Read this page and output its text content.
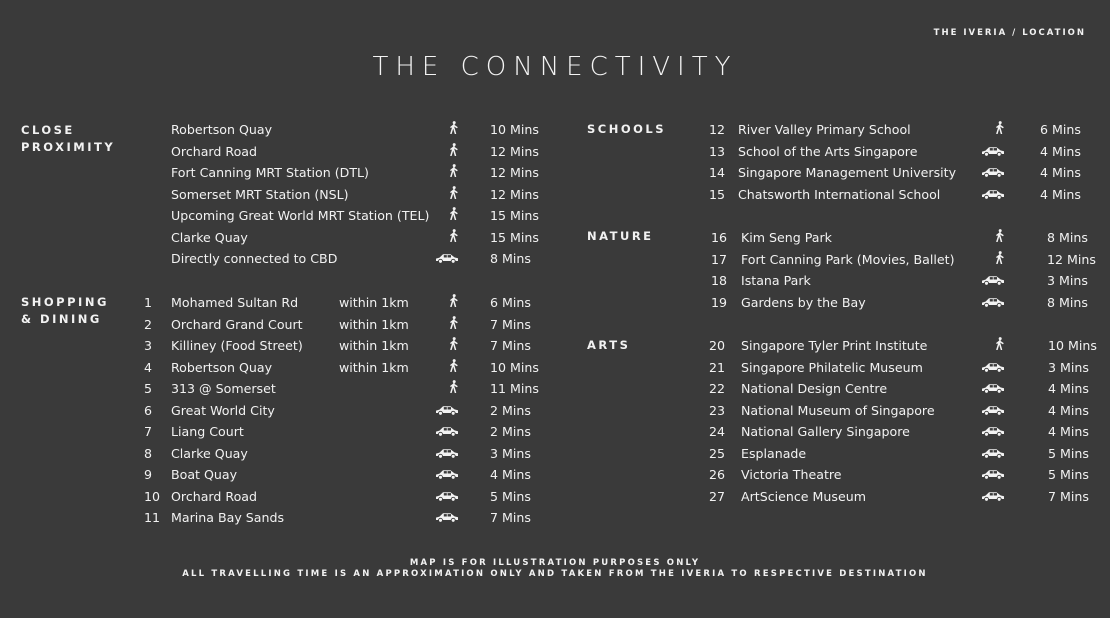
THE IVERIA / LOCATION
THE CONNECTIVITY
CLOSE
PROXIMITY
SHOPPING
& DINING
SCHOOLS
NATURE
ARTS
Robertson Quay	10 Mins
Orchard Road	12 Mins
Fort Canning MRT Station (DTL)	12 Mins
Somerset MRT Station (NSL)	12 Mins
Upcoming Great World MRT Station (TEL)	15 Mins
Clarke Quay	15 Mins
Directly connected to CBD	8 Mins
1 Mohamed Sultan Rd	within 1km	6 Mins
2 Orchard Grand Court	within 1km	7 Mins
3 Killiney (Food Street)	within 1km	7 Mins
4 Robertson Quay	within 1km	10 Mins
5 313 @ Somerset	11 Mins
6 Great World City	2 Mins
7 Liang Court	2 Mins
8 Clarke Quay	3 Mins
9 Boat Quay	4 Mins
10 Orchard Road	5 Mins
11 Marina Bay Sands	7 Mins
12 River Valley Primary School	6 Mins
13 School of the Arts Singapore	4 Mins
14 Singapore Management University	4 Mins
15 Chatsworth International School	4 Mins
16 Kim Seng Park	8 Mins
17 Fort Canning Park (Movies, Ballet)	12 Mins
18 Istana Park	3 Mins
19 Gardens by the Bay	8 Mins
20 Singapore Tyler Print Institute	10 Mins
21 Singapore Philatelic Museum	3 Mins
22 National Design Centre	4 Mins
23 National Museum of Singapore	4 Mins
24 National Gallery Singapore	4 Mins
25 Esplanade	5 Mins
26 Victoria Theatre	5 Mins
27 ArtScience Museum	7 Mins
MAP IS FOR ILLUSTRATION PURPOSES ONLY
ALL TRAVELLING TIME IS AN APPROXIMATION ONLY AND TAKEN FROM THE IVERIA TO RESPECTIVE DESTINATION
